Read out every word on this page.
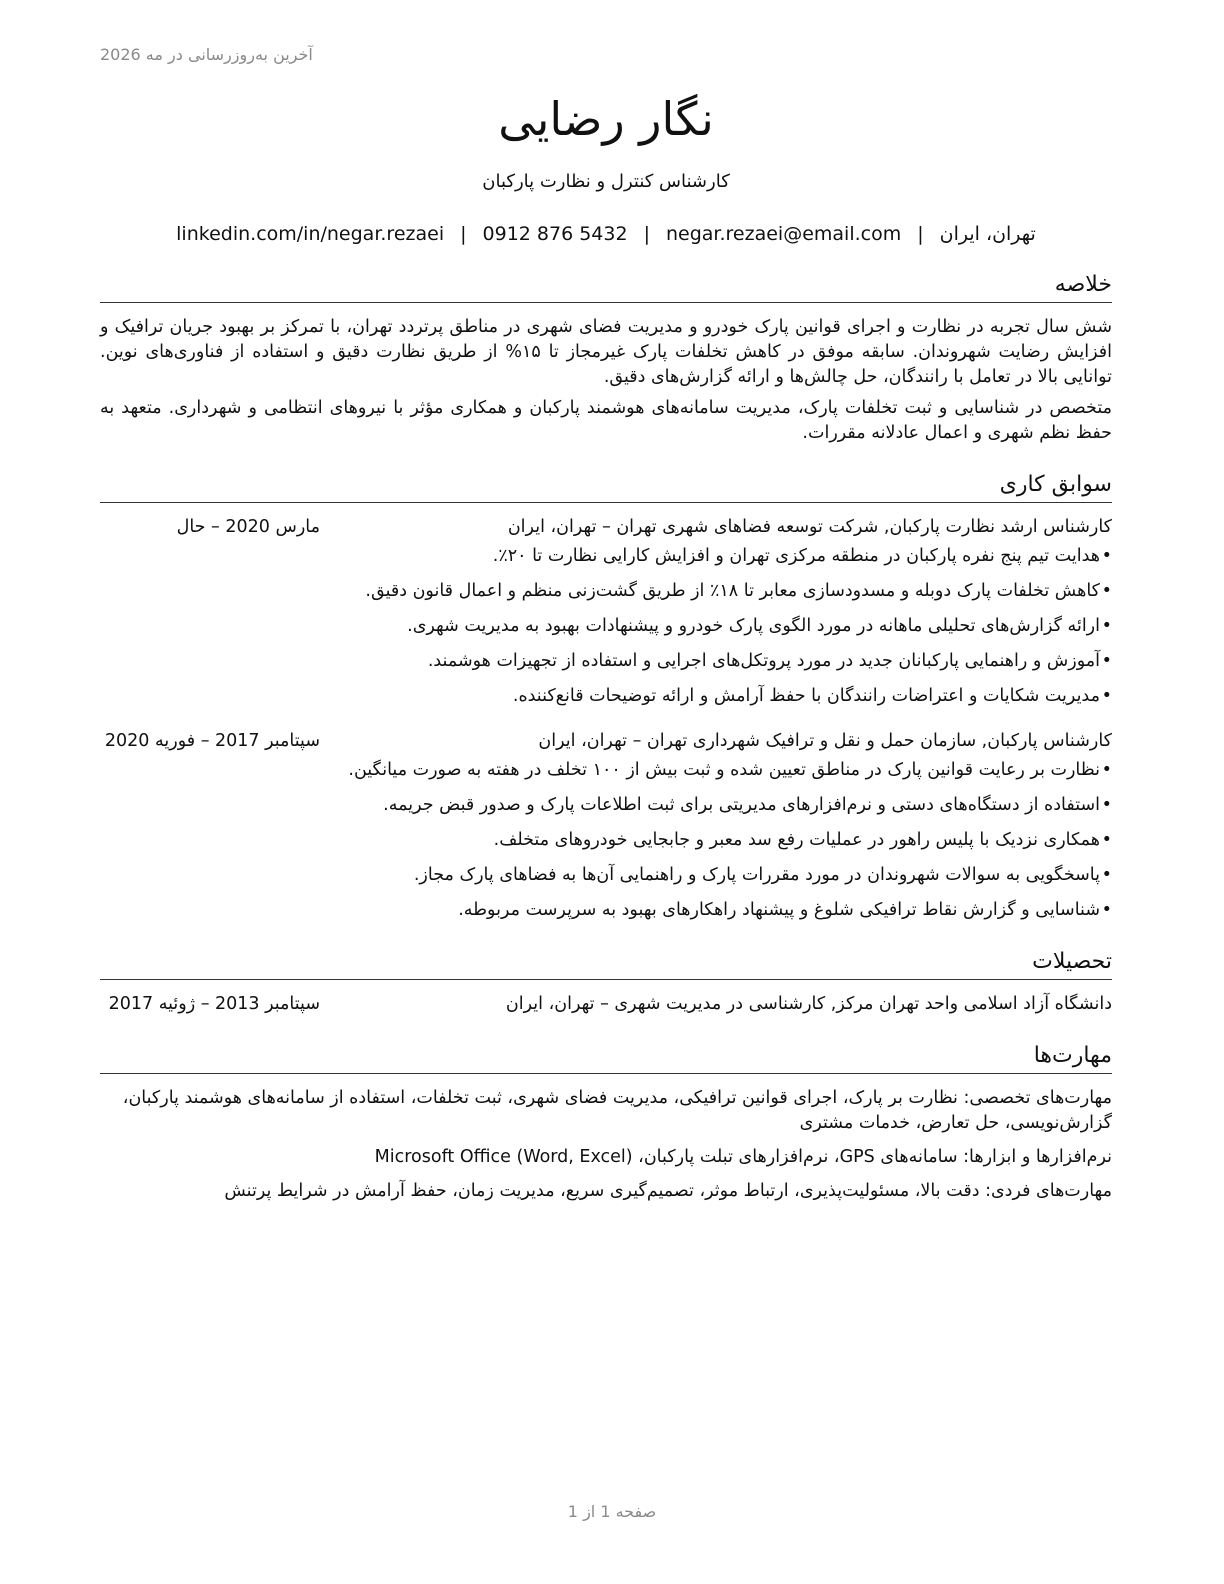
آخرین به‌روزرسانی در مه 2026
نگار رضایی
کارشناس کنترل و نظارت پارکبان
تهران، ایران
|
negar.rezaei@email.com
|
0912 876 5432
|
linkedin.com/in/negar.rezaei
خلاصه

شش سال تجربه در نظارت و اجرای قوانین پارک خودرو و مدیریت فضای شهری در مناطق پرتردد تهران، با تمرکز بر بهبود جریان ترافیک و افزایش رضایت شهروندان. سابقه موفق در کاهش تخلفات پارک غیرمجاز تا ۱۵% از طریق نظارت دقیق و استفاده از فناوری‌های نوین. توانایی بالا در تعامل با رانندگان، حل چالش‌ها و ارائه گزارش‌های دقیق.

متخصص در شناسایی و ثبت تخلفات پارک، مدیریت سامانه‌های هوشمند پارکبان و همکاری مؤثر با نیروهای انتظامی و شهرداری. متعهد به حفظ نظم شهری و اعمال عادلانه مقررات.

سوابق کاری
کارشناس ارشد نظارت پارکبان, شرکت توسعه فضاهای شهری تهران – تهران، ایران
مارس 2020 – حال
•هدایت تیم پنج نفره پارکبان در منطقه مرکزی تهران و افزایش کارایی نظارت تا ۲۰٪.
•کاهش تخلفات پارک دوبله و مسدودسازی معابر تا ۱۸٪ از طریق گشت‌زنی منظم و اعمال قانون دقیق.
•ارائه گزارش‌های تحلیلی ماهانه در مورد الگوی پارک خودرو و پیشنهادات بهبود به مدیریت شهری.
•آموزش و راهنمایی پارکبانان جدید در مورد پروتکل‌های اجرایی و استفاده از تجهیزات هوشمند.
•مدیریت شکایات و اعتراضات رانندگان با حفظ آرامش و ارائه توضیحات قانع‌کننده.
کارشناس پارکبان, سازمان حمل و نقل و ترافیک شهرداری تهران – تهران، ایران
سپتامبر 2017 – فوریه 2020
•نظارت بر رعایت قوانین پارک در مناطق تعیین شده و ثبت بیش از ۱۰۰ تخلف در هفته به صورت میانگین.
•استفاده از دستگاه‌های دستی و نرم‌افزارهای مدیریتی برای ثبت اطلاعات پارک و صدور قبض جریمه.
•همکاری نزدیک با پلیس راهور در عملیات رفع سد معبر و جابجایی خودروهای متخلف.
•پاسخگویی به سوالات شهروندان در مورد مقررات پارک و راهنمایی آن‌ها به فضاهای پارک مجاز.
•شناسایی و گزارش نقاط ترافیکی شلوغ و پیشنهاد راهکارهای بهبود به سرپرست مربوطه.
تحصیلات
دانشگاه آزاد اسلامی واحد تهران مرکز, کارشناسی در مدیریت شهری – تهران، ایران
سپتامبر 2013 – ژوئیه 2017
مهارت‌ها
مهارت‌های تخصصی: نظارت بر پارک، اجرای قوانین ترافیکی، مدیریت فضای شهری، ثبت تخلفات، استفاده از سامانه‌های هوشمند پارکبان، گزارش‌نویسی، حل تعارض، خدمات مشتری
نرم‌افزارها و ابزارها: سامانه‌های GPS، نرم‌افزارهای تبلت پارکبان، Microsoft Office (Word, Excel)
مهارت‌های فردی: دقت بالا، مسئولیت‌پذیری، ارتباط موثر، تصمیم‌گیری سریع، مدیریت زمان، حفظ آرامش در شرایط پرتنش
صفحه 1 از 1
